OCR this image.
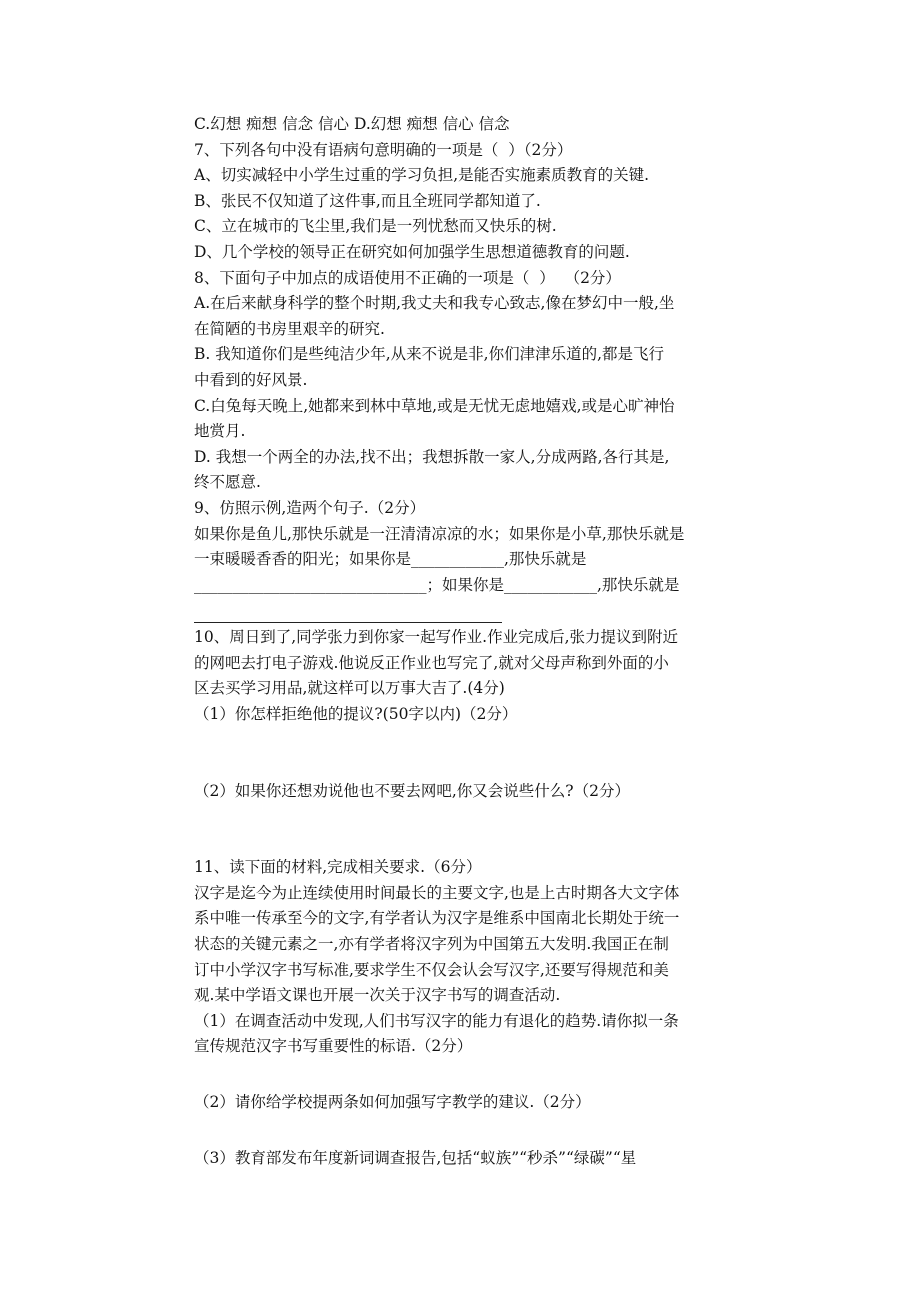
C.幻想 痴想 信念 信心 D.幻想 痴想 信心 信念
7、下列各句中没有语病句意明确的一项是（  ）（2分）
A、切实减轻中小学生过重的学习负担,是能否实施素质教育的关键.
B、张民不仅知道了这件事,而且全班同学都知道了.
C、立在城市的飞尘里,我们是一列忧愁而又快乐的树.
D、几个学校的领导正在研究如何加强学生思想道德教育的问题.
8、下面句子中加点的成语使用不正确的一项是（  ）  （2分）
A.在后来献身科学的整个时期,我丈夫和我专心致志,像在梦幻中一般,坐
在简陋的书房里艰辛的研究.
B. 我知道你们是些纯洁少年,从来不说是非,你们津津乐道的,都是飞行
中看到的好风景.
C.白兔每天晚上,她都来到林中草地,或是无忧无虑地嬉戏,或是心旷神怡
地赏月.
D. 我想一个两全的办法,找不出；我想拆散一家人,分成两路,各行其是,
终不愿意.
9、仿照示例,造两个句子.（2分）
如果你是鱼儿,那快乐就是一汪清清凉凉的水；如果你是小草,那快乐就是
一束暖暖香香的阳光；如果你是____________,那快乐就是
______________________________；如果你是____________,那快乐就是
10、周日到了,同学张力到你家一起写作业.作业完成后,张力提议到附近
的网吧去打电子游戏.他说反正作业也写完了,就对父母声称到外面的小
区去买学习用品,就这样可以万事大吉了.(4分)
（1）你怎样拒绝他的提议?(50字以内)（2分）
（2）如果你还想劝说他也不要去网吧,你又会说些什么?（2分）
11、读下面的材料,完成相关要求.（6分）
汉字是迄今为止连续使用时间最长的主要文字,也是上古时期各大文字体
系中唯一传承至今的文字,有学者认为汉字是维系中国南北长期处于统一
状态的关键元素之一,亦有学者将汉字列为中国第五大发明.我国正在制
订中小学汉字书写标准,要求学生不仅会认会写汉字,还要写得规范和美
观.某中学语文课也开展一次关于汉字书写的调查活动.
（1）在调查活动中发现,人们书写汉字的能力有退化的趋势.请你拟一条
宣传规范汉字书写重要性的标语.（2分）
（2）请你给学校提两条如何加强写字教学的建议.（2分）
（3）教育部发布年度新词调查报告,包括“蚁族”“秒杀”“绿碳”“星
